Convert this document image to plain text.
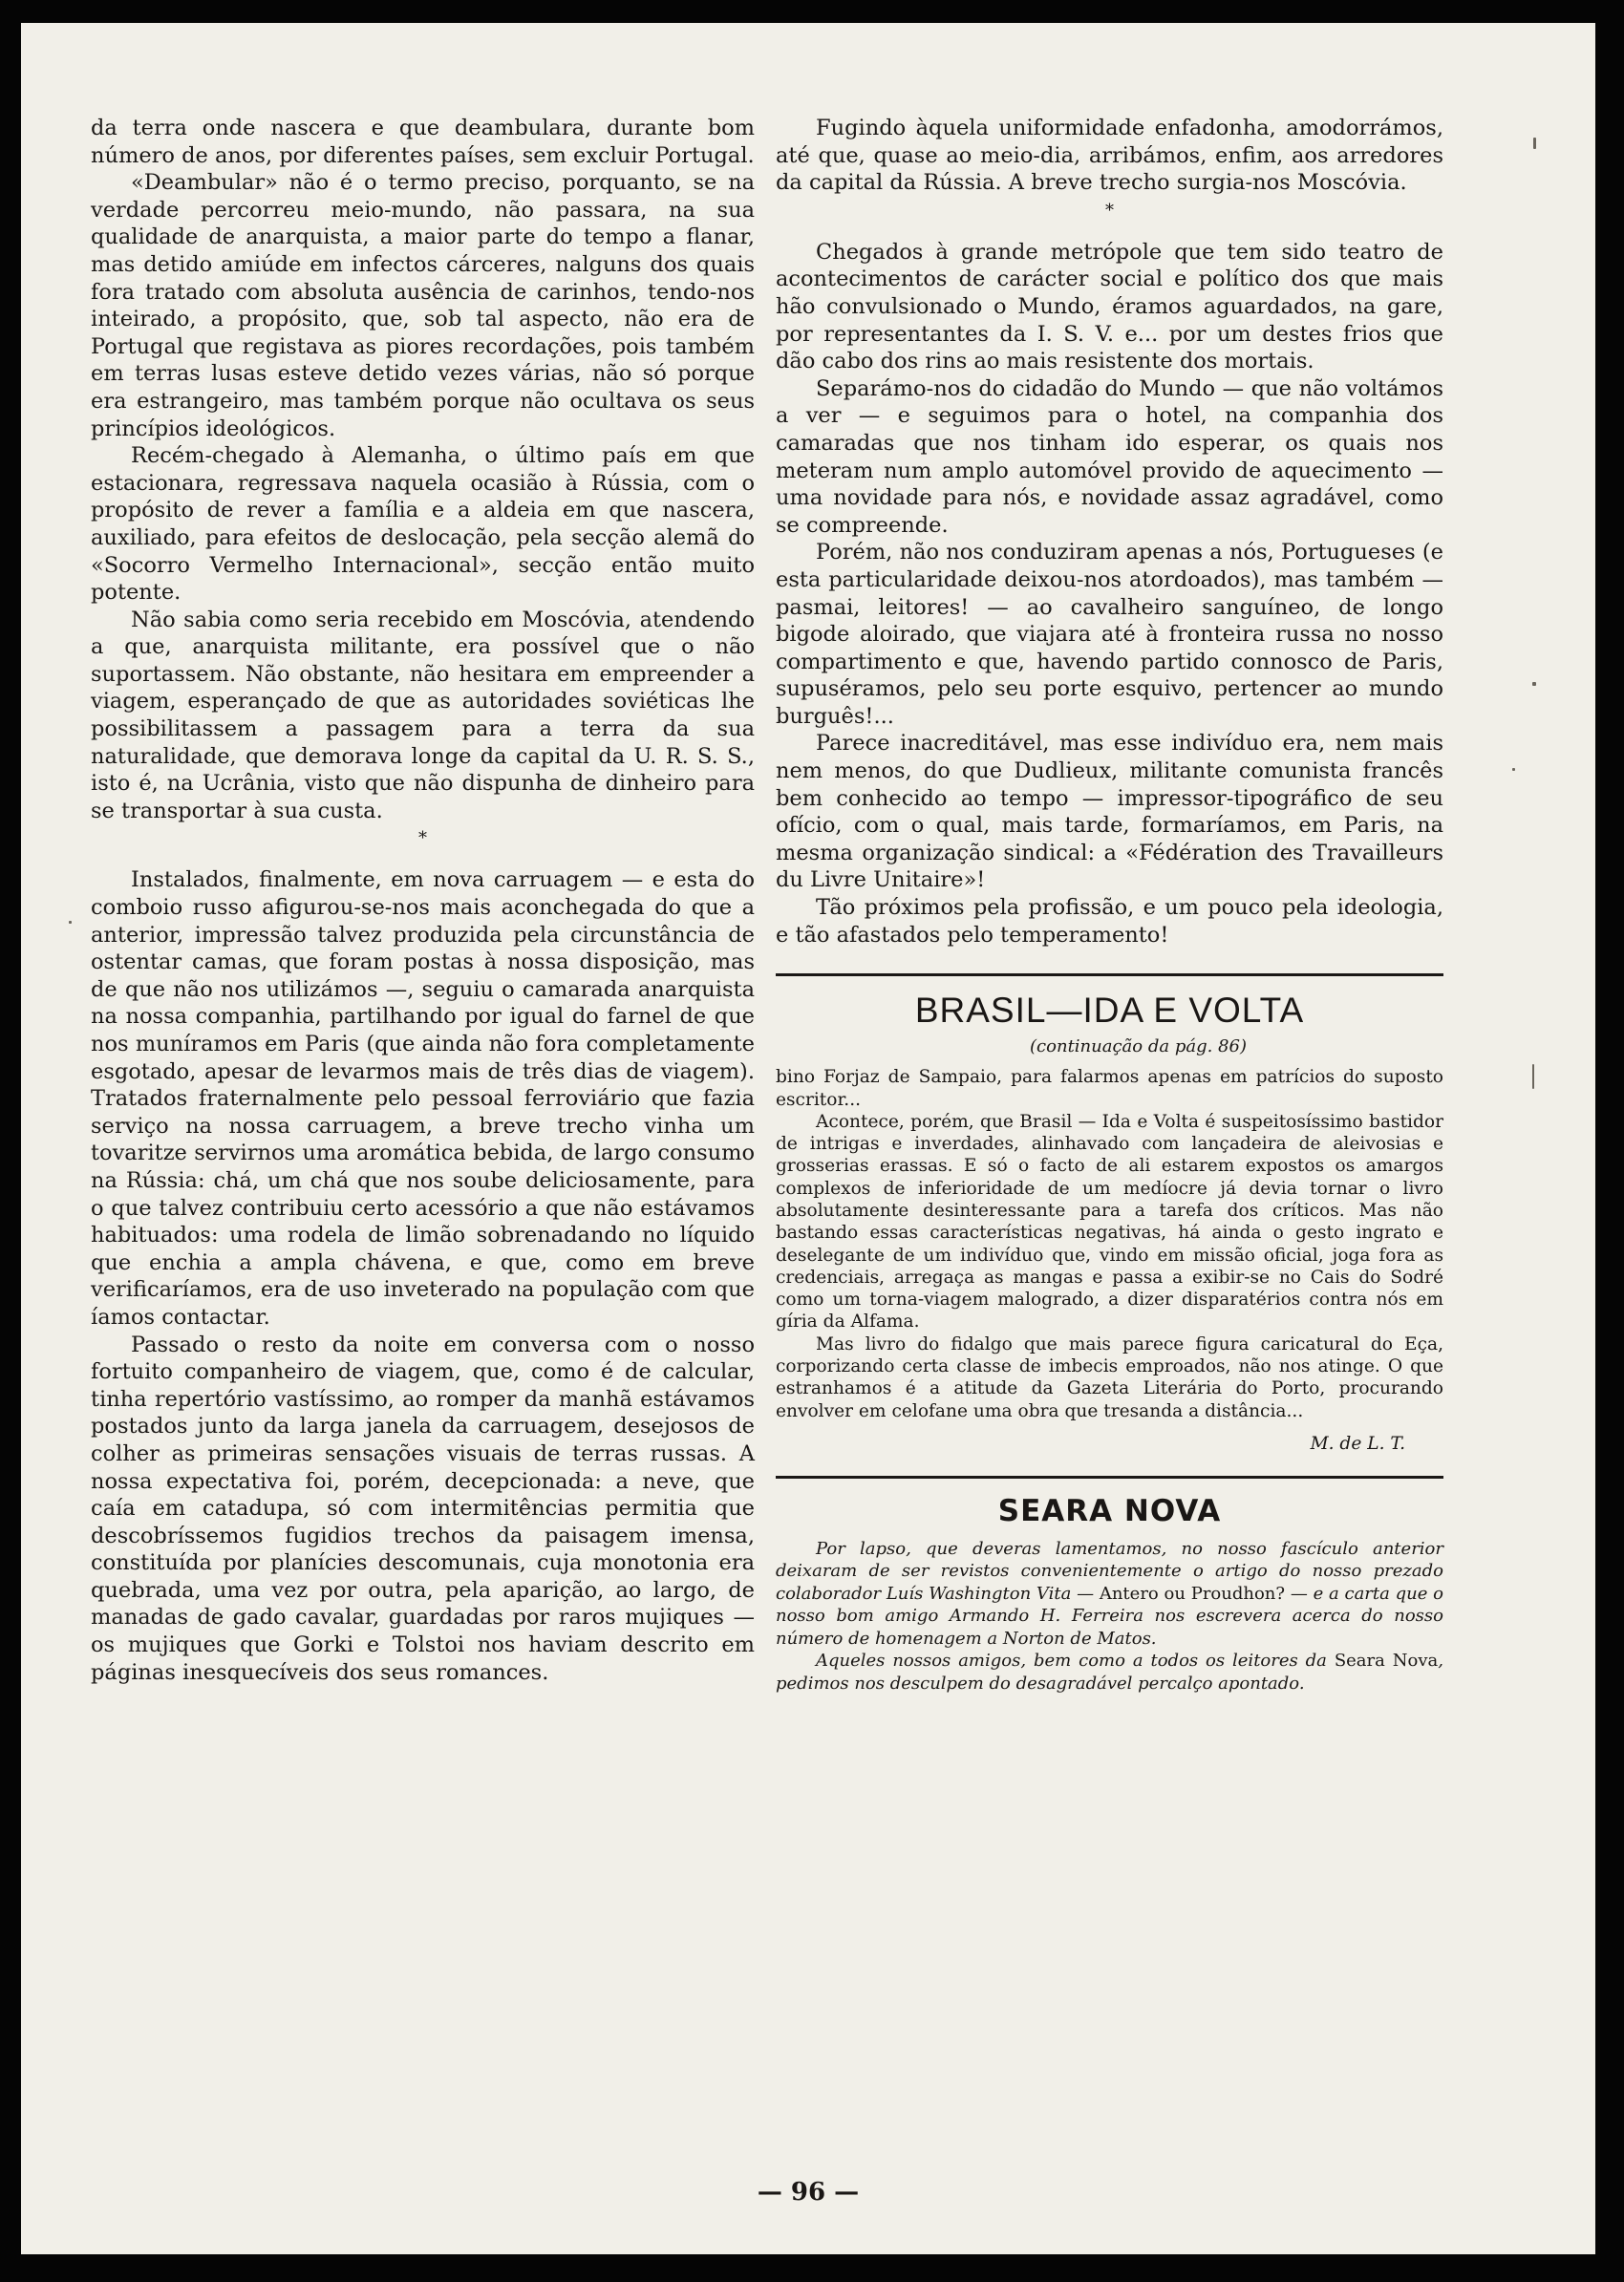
da terra onde nascera e que deambulara, durante bom número de anos, por diferentes países, sem excluir Portugal.

«Deambular» não é o termo preciso, porquanto, se na verdade percorreu meio-mundo, não passara, na sua qualidade de anarquista, a maior parte do tempo a flanar, mas detido amiúde em infectos cárceres, nalguns dos quais fora tratado com absoluta ausência de carinhos, tendo-nos inteirado, a propósito, que, sob tal aspecto, não era de Portugal que registava as piores recordações, pois também em terras lusas esteve detido vezes várias, não só porque era estrangeiro, mas também porque não ocultava os seus princípios ideológicos.

Recém-chegado à Alemanha, o último país em que estacionara, regressava naquela ocasião à Rússia, com o propósito de rever a família e a aldeia em que nascera, auxiliado, para efeitos de deslocação, pela secção alemã do «Socorro Vermelho Internacional», secção então muito potente.

Não sabia como seria recebido em Moscóvia, atendendo a que, anarquista militante, era possível que o não suportassem. Não obstante, não hesitara em empreender a viagem, esperançado de que as autoridades soviéticas lhe possibilitassem a passagem para a terra da sua naturalidade, que demorava longe da capital da U. R. S. S., isto é, na Ucrânia, visto que não dispunha de dinheiro para se transportar à sua custa.

*

Instalados, finalmente, em nova carruagem — e esta do comboio russo afigurou-se-nos mais aconchegada do que a anterior, impressão talvez produzida pela circunstância de ostentar camas, que foram postas à nossa disposição, mas de que não nos utilizámos —, seguiu o camarada anarquista na nossa companhia, partilhando por igual do farnel de que nos muníramos em Paris (que ainda não fora completamente esgotado, apesar de levarmos mais de três dias de viagem). Tratados fraternalmente pelo pessoal ferroviário que fazia serviço na nossa carruagem, a breve trecho vinha um tovaritze servirnos uma aromática bebida, de largo consumo na Rússia: chá, um chá que nos soube deliciosamente, para o que talvez contribuiu certo acessório a que não estávamos habituados: uma rodela de limão sobrenadando no líquido que enchia a ampla chávena, e que, como em breve verificaríamos, era de uso inveterado na população com que íamos contactar.

Passado o resto da noite em conversa com o nosso fortuito companheiro de viagem, que, como é de calcular, tinha repertório vastíssimo, ao romper da manhã estávamos postados junto da larga janela da carruagem, desejosos de colher as primeiras sensações visuais de terras russas. A nossa expectativa foi, porém, decepcionada: a neve, que caía em catadupa, só com intermitências permitia que descobríssemos fugidios trechos da paisagem imensa, constituída por planícies descomunais, cuja monotonia era quebrada, uma vez por outra, pela aparição, ao largo, de manadas de gado cavalar, guardadas por raros mujiques — os mujiques que Gorki e Tolstoi nos haviam descrito em páginas inesquecíveis dos seus romances.

Fugindo àquela uniformidade enfadonha, amodorrámos, até que, quase ao meio-dia, arribámos, enfim, aos arredores da capital da Rússia. A breve trecho surgia-nos Moscóvia.

*

Chegados à grande metrópole que tem sido teatro de acontecimentos de carácter social e político dos que mais hão convulsionado o Mundo, éramos aguardados, na gare, por representantes da I. S. V. e... por um destes frios que dão cabo dos rins ao mais resistente dos mortais.

Separámo-nos do cidadão do Mundo — que não voltámos a ver — e seguimos para o hotel, na companhia dos camaradas que nos tinham ido esperar, os quais nos meteram num amplo automóvel provido de aquecimento — uma novidade para nós, e novidade assaz agradável, como se compreende.

Porém, não nos conduziram apenas a nós, Portugueses (e esta particularidade deixou-nos atordoados), mas também — pasmai, leitores! — ao cavalheiro sanguíneo, de longo bigode aloirado, que viajara até à fronteira russa no nosso compartimento e que, havendo partido connosco de Paris, supuséramos, pelo seu porte esquivo, pertencer ao mundo burguês!...

Parece inacreditável, mas esse indivíduo era, nem mais nem menos, do que Dudlieux, militante comunista francês bem conhecido ao tempo — impressor-tipográfico de seu ofício, com o qual, mais tarde, formaríamos, em Paris, na mesma organização sindical: a «Fédération des Travailleurs du Livre Unitaire»!

Tão próximos pela profissão, e um pouco pela ideologia, e tão afastados pelo temperamento!

BRASIL—IDA E VOLTA
(continuação da pág. 86)

bino Forjaz de Sampaio, para falarmos apenas em patrícios do suposto escritor...

Acontece, porém, que Brasil — Ida e Volta é suspeitosíssimo bastidor de intrigas e inverdades, alinhavado com lançadeira de aleivosias e grosserias erassas. E só o facto de ali estarem expostos os amargos complexos de inferioridade de um medíocre já devia tornar o livro absolutamente desinteressante para a tarefa dos críticos. Mas não bastando essas características negativas, há ainda o gesto ingrato e deselegante de um indivíduo que, vindo em missão oficial, joga fora as credenciais, arregaça as mangas e passa a exibir-se no Cais do Sodré como um torna-viagem malogrado, a dizer disparatérios contra nós em gíria da Alfama.

Mas livro do fidalgo que mais parece figura caricatural do Eça, corporizando certa classe de imbecis emproados, não nos atinge. O que estranhamos é a atitude da Gazeta Literária do Porto, procurando envolver em celofane uma obra que tresanda a distância...

M. de L. T.
SEARA NOVA

Por lapso, que deveras lamentamos, no nosso fascículo anterior deixaram de ser revistos convenientemente o artigo do nosso prezado colaborador Luís Washington Vita — Antero ou Proudhon? — e a carta que o nosso bom amigo Armando H. Ferreira nos escrevera acerca do nosso número de homenagem a Norton de Matos.

Aqueles nossos amigos, bem como a todos os leitores da Seara Nova, pedimos nos desculpem do desagradável percalço apontado.

— 96 —
